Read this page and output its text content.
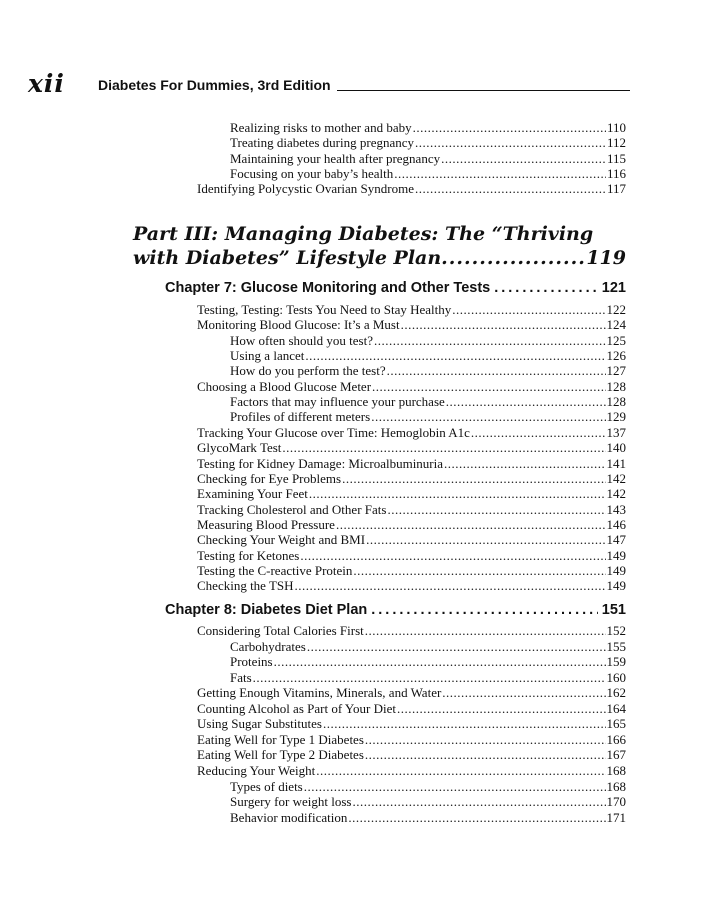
xii	Diabetes For Dummies, 3rd Edition
Realizing risks to mother and baby .....	110
Treating diabetes during pregnancy .....	112
Maintaining your health after pregnancy .....	115
Focusing on your baby’s health .....	116
Identifying Polycystic Ovarian Syndrome .....	117
Part III: Managing Diabetes: The “Thriving
with Diabetes” Lifestyle Plan .....	119
Chapter 7: Glucose Monitoring and Other Tests .....	121
Testing, Testing: Tests You Need to Stay Healthy .....	122
Monitoring Blood Glucose: It’s a Must .....	124
How often should you test? .....	125
Using a lancet .....	126
How do you perform the test? .....	127
Choosing a Blood Glucose Meter .....	128
Factors that may influence your purchase .....	128
Profiles of different meters .....	129
Tracking Your Glucose over Time: Hemoglobin A1c .....	137
GlycoMark Test .....	140
Testing for Kidney Damage: Microalbuminuria .....	141
Checking for Eye Problems .....	142
Examining Your Feet .....	142
Tracking Cholesterol and Other Fats .....	143
Measuring Blood Pressure .....	146
Checking Your Weight and BMI .....	147
Testing for Ketones .....	149
Testing the C-reactive Protein .....	149
Checking the TSH .....	149
Chapter 8: Diabetes Diet Plan .....	151
Considering Total Calories First .....	152
Carbohydrates .....	155
Proteins .....	159
Fats .....	160
Getting Enough Vitamins, Minerals, and Water .....	162
Counting Alcohol as Part of Your Diet .....	164
Using Sugar Substitutes .....	165
Eating Well for Type 1 Diabetes .....	166
Eating Well for Type 2 Diabetes .....	167
Reducing Your Weight .....	168
Types of diets .....	168
Surgery for weight loss .....	170
Behavior modification .....	171
